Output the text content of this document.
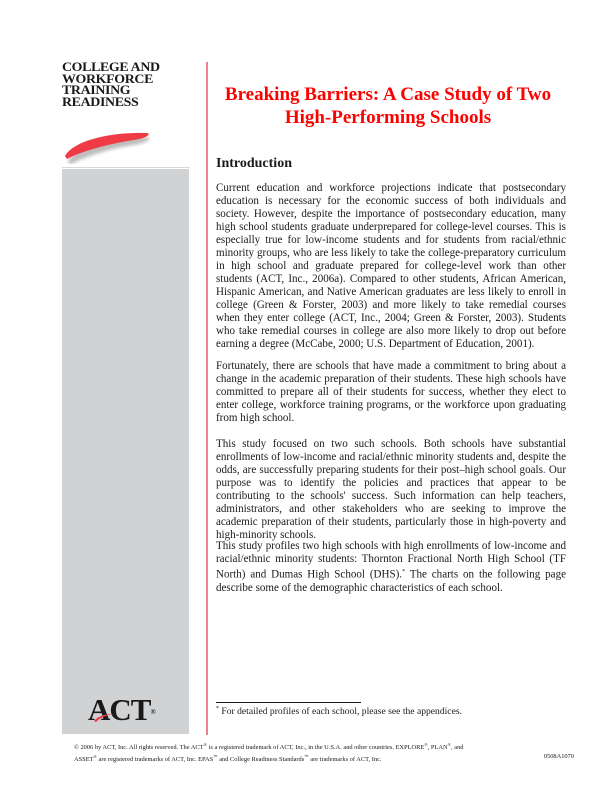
COLLEGE AND
WORKFORCE
TRAINING
READINESS
ACT®
Breaking Barriers: A Case Study of Two High-Performing Schools
Introduction
Current education and workforce projections indicate that postsecondary education is necessary for the economic success of both individuals and society. However, despite the importance of postsecondary education, many high school students graduate underprepared for college-level courses. This is especially true for low-income students and for students from racial/ethnic minority groups, who are less likely to take the college-preparatory curriculum in high school and graduate prepared for college-level work than other students (ACT, Inc., 2006a). Compared to other students, African American, Hispanic American, and Native American graduates are less likely to enroll in college (Green & Forster, 2003) and more likely to take remedial courses when they enter college (ACT, Inc., 2004; Green & Forster, 2003). Students who take remedial courses in college are also more likely to drop out before earning a degree (McCabe, 2000; U.S. Department of Education, 2001).
Fortunately, there are schools that have made a commitment to bring about a change in the academic preparation of their students. These high schools have committed to prepare all of their students for success, whether they elect to enter college, workforce training programs, or the workforce upon graduating from high school.
This study focused on two such schools. Both schools have substantial enrollments of low-income and racial/ethnic minority students and, despite the odds, are successfully preparing students for their post–high school goals. Our purpose was to identify the policies and practices that appear to be contributing to the schools' success. Such information can help teachers, administrators, and other stakeholders who are seeking to improve the academic preparation of their students, particularly those in high-poverty and high-minority schools.
This study profiles two high schools with high enrollments of low-income and racial/ethnic minority students: Thornton Fractional North High School (TF North) and Dumas High School (DHS).* The charts on the following page describe some of the demographic characteristics of each school.
* For detailed profiles of each school, please see the appendices.
© 2006 by ACT, Inc. All rights reserved. The ACT® is a registered trademark of ACT, Inc., in the U.S.A. and other countries. EXPLORE®, PLAN®, and
ASSET® are registered trademarks of ACT, Inc. EPAS™ and College Readiness Standards™ are trademarks of ACT, Inc.	0508A1070
